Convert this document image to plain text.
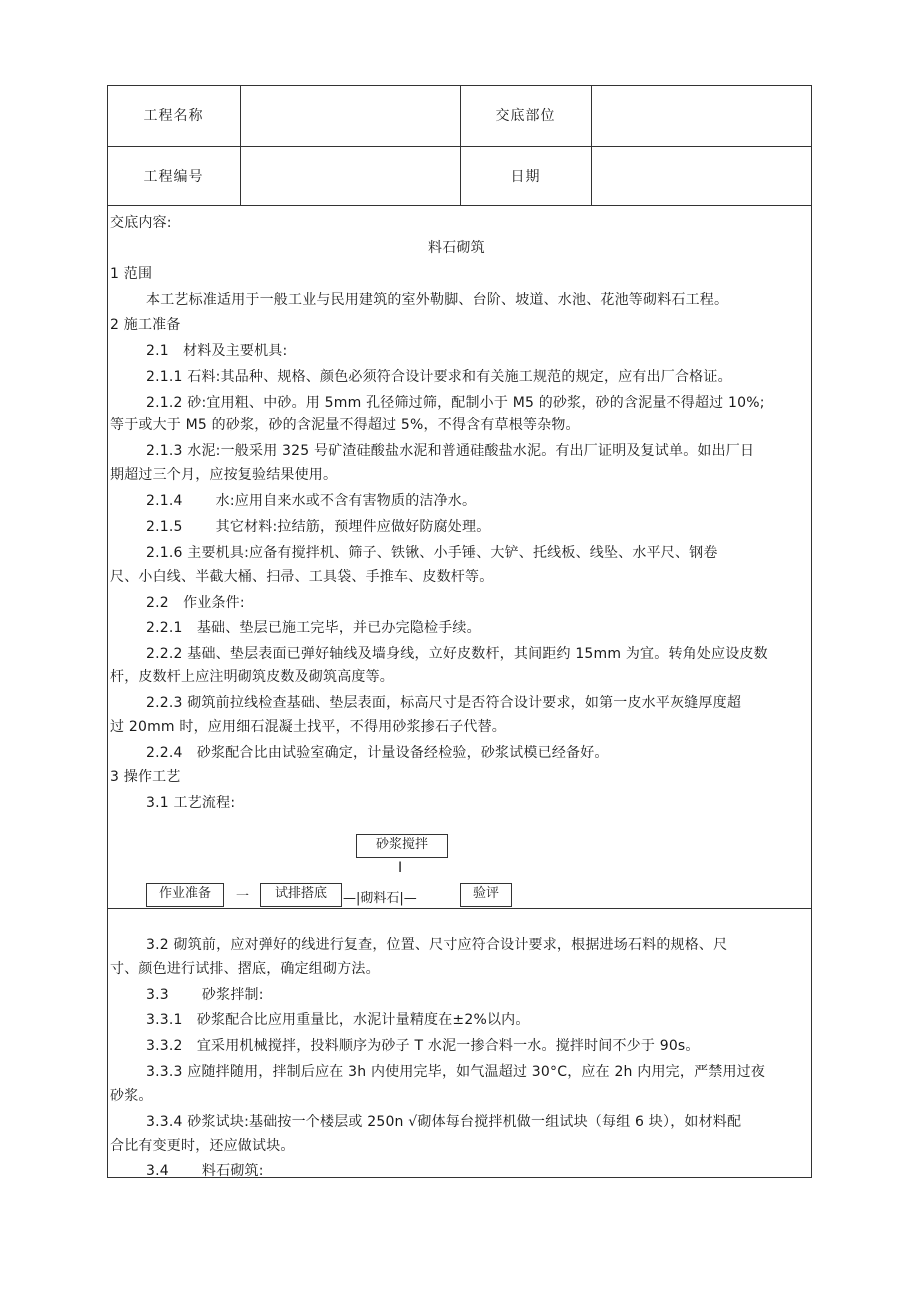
工程名称	交底部位
工程编号	日期
交底内容:
料石砌筑
1 范围
本工艺标准适用于一般工业与民用建筑的室外勒脚、台阶、坡道、水池、花池等砌料石工程。
2 施工准备
2.1　材料及主要机具:
2.1.1 石料:其品种、规格、颜色必须符合设计要求和有关施工规范的规定，应有出厂合格证。
2.1.2 砂:宜用粗、中砂。用 5mm 孔径筛过筛，配制小于 M5 的砂浆，砂的含泥量不得超过 10%;
等于或大于 M5 的砂浆，砂的含泥量不得超过 5%，不得含有草根等杂物。
2.1.3 水泥:一般采用 325 号矿渣硅酸盐水泥和普通硅酸盐水泥。有出厂证明及复试单。如出厂日
期超过三个月，应按复验结果使用。
2.1.4　　 水:应用自来水或不含有害物质的洁净水。
2.1.5　　 其它材料:拉结筋，预埋件应做好防腐处理。
2.1.6 主要机具:应备有搅拌机、筛子、铁锹、小手锤、大铲、托线板、线坠、水平尺、钢卷
尺、小白线、半截大桶、扫帚、工具袋、手推车、皮数杆等。
2.2　作业条件:
2.2.1　基础、垫层已施工完毕，并已办完隐检手续。
2.2.2 基础、垫层表面已弹好轴线及墙身线，立好皮数杆，其间距约 15mm 为宜。转角处应设皮数
杆，皮数杆上应注明砌筑皮数及砌筑高度等。
2.2.3 砌筑前拉线检查基础、垫层表面，标高尺寸是否符合设计要求，如第一皮水平灰缝厚度超
过 20mm 时，应用细石混凝土找平，不得用砂浆掺石子代替。
2.2.4　砂浆配合比由试验室确定，计量设备经检验，砂浆试模已经备好。
3 操作工艺
3.1 工艺流程:
砂浆搅拌
I
作业准备	一	试排搭底	—|砌料石|—	验评
3.2 砌筑前，应对弹好的线进行复查，位置、尺寸应符合设计要求，根据进场石料的规格、尺
寸、颜色进行试排、摺底，确定组砌方法。
3.3　　 砂浆拌制:
3.3.1　砂浆配合比应用重量比，水泥计量精度在±2%以内。
3.3.2　宜采用机械搅拌，投料顺序为砂子 T 水泥一掺合料一水。搅拌时间不少于 90s。
3.3.3 应随拌随用，拌制后应在 3h 内使用完毕，如气温超过 30°C，应在 2h 内用完，严禁用过夜
砂浆。
3.3.4 砂浆试块:基础按一个楼层或 250n √砌体每台搅拌机做一组试块（每组 6 块），如材料配
合比有变更时，还应做试块。
3.4　　 料石砌筑:
